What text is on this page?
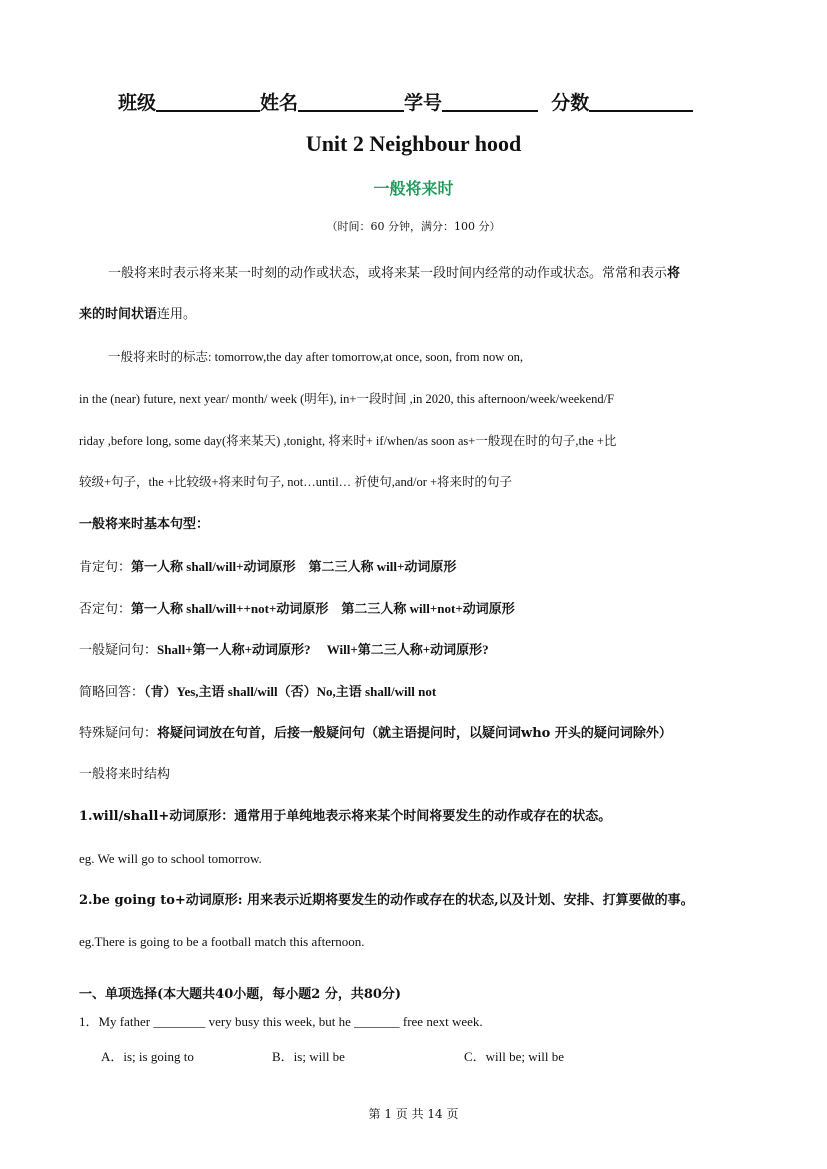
班级	姓名	学号	分数
Unit 2 Neighbour hood
一般将来时
（时间：60 分钟，满分：100 分）
一般将来时表示将来某一时刻的动作或状态，或将来某一段时间内经常的动作或状态。常常和表示将
来的时间状语连用。
一般将来时的标志: tomorrow,the day after tomorrow,at once, soon, from now on,
in the (near) future, next year/ month/ week (明年), in+一段时间 ,in 2020, this afternoon/week/weekend/F
riday ,before long, some day(将来某天) ,tonight, 将来时+ if/when/as soon as+一般现在时的句子,the +比
较级+句子，the +比较级+将来时句子, not…until… 祈使句,and/or +将来时的句子
一般将来时基本句型：
肯定句：第一人称 shall/will+动词原形　第二三人称 will+动词原形
否定句：第一人称 shall/will++not+动词原形　第二三人称 will+not+动词原形
一般疑问句：Shall+第一人称+动词原形?　 Will+第二三人称+动词原形?
简略回答：（肯）Yes,主语 shall/will（否）No,主语 shall/will not
特殊疑问句：将疑问词放在句首，后接一般疑问句（就主语提问时，以疑问词who 开头的疑问词除外）
一般将来时结构
1.will/shall+动词原形：通常用于单纯地表示将来某个时间将要发生的动作或存在的状态。
eg. We will go to school tomorrow.
2.be going to+动词原形: 用来表示近期将要发生的动作或存在的状态,以及计划、安排、打算要做的事。
eg.There is going to be a football match this afternoon.
一、单项选择(本大题共40小题，每小题2 分，共80分)
1．My father ________ very busy this week, but he _______ free next week.
A．is; is going to	B．is; will be	C．will be; will be
第 1 页 共 14 页
